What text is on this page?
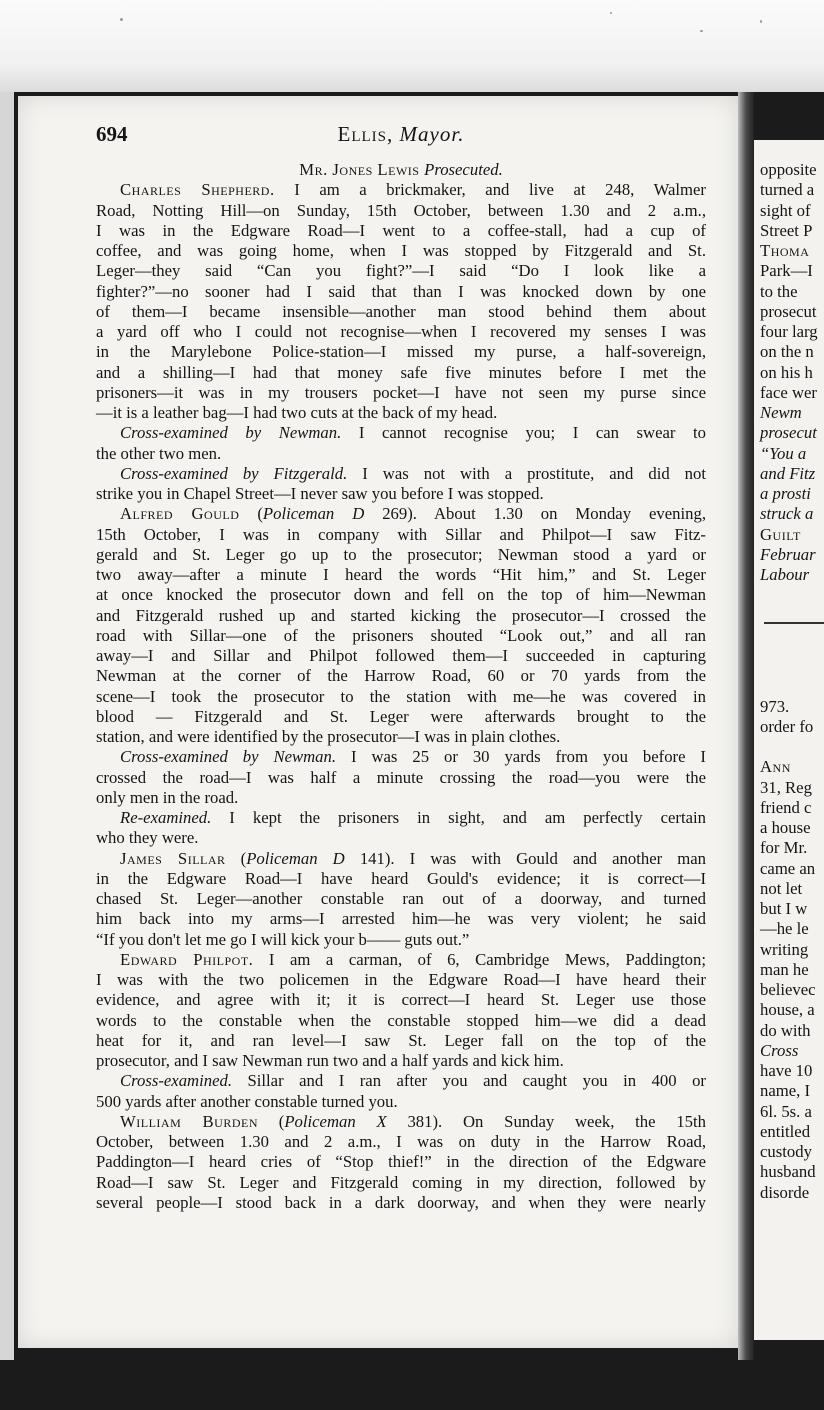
694	Ellis, Mayor.
Mr. Jones Lewis Prosecuted.
Charles Shepherd. I am a brickmaker, and live at 248, Walmer
Road, Notting Hill—on Sunday, 15th October, between 1.30 and 2 a.m.,
I was in the Edgware Road—I went to a coffee-stall, had a cup of
coffee, and was going home, when I was stopped by Fitzgerald and St.
Leger—they said “Can you fight?”—I said “Do I look like a
fighter?”—no sooner had I said that than I was knocked down by one
of them—I became insensible—another man stood behind them about
a yard off who I could not recognise—when I recovered my senses I was
in the Marylebone Police-station—I missed my purse, a half-sovereign,
and a shilling—I had that money safe five minutes before I met the
prisoners—it was in my trousers pocket—I have not seen my purse since
—it is a leather bag—I had two cuts at the back of my head.
Cross-examined by Newman. I cannot recognise you; I can swear to
the other two men.
Cross-examined by Fitzgerald. I was not with a prostitute, and did not
strike you in Chapel Street—I never saw you before I was stopped.
Alfred Gould (Policeman D 269). About 1.30 on Monday evening,
15th October, I was in company with Sillar and Philpot—I saw Fitz-
gerald and St. Leger go up to the prosecutor; Newman stood a yard or
two away—after a minute I heard the words “Hit him,” and St. Leger
at once knocked the prosecutor down and fell on the top of him—Newman
and Fitzgerald rushed up and started kicking the prosecutor—I crossed the
road with Sillar—one of the prisoners shouted “Look out,” and all ran
away—I and Sillar and Philpot followed them—I succeeded in capturing
Newman at the corner of the Harrow Road, 60 or 70 yards from the
scene—I took the prosecutor to the station with me—he was covered in
blood — Fitzgerald and St. Leger were afterwards brought to the
station, and were identified by the prosecutor—I was in plain clothes.
Cross-examined by Newman. I was 25 or 30 yards from you before I
crossed the road—I was half a minute crossing the road—you were the
only men in the road.
Re-examined. I kept the prisoners in sight, and am perfectly certain
who they were.
James Sillar (Policeman D 141). I was with Gould and another man
in the Edgware Road—I have heard Gould's evidence; it is correct—I
chased St. Leger—another constable ran out of a doorway, and turned
him back into my arms—I arrested him—he was very violent; he said
“If you don't let me go I will kick your b—— guts out.”
Edward Philpot. I am a carman, of 6, Cambridge Mews, Paddington;
I was with the two policemen in the Edgware Road—I have heard their
evidence, and agree with it; it is correct—I heard St. Leger use those
words to the constable when the constable stopped him—we did a dead
heat for it, and ran level—I saw St. Leger fall on the top of the
prosecutor, and I saw Newman run two and a half yards and kick him.
Cross-examined. Sillar and I ran after you and caught you in 400 or
500 yards after another constable turned you.
William Burden (Policeman X 381). On Sunday week, the 15th
October, between 1.30 and 2 a.m., I was on duty in the Harrow Road,
Paddington—I heard cries of “Stop thief!” in the direction of the Edgware
Road—I saw St. Leger and Fitzgerald coming in my direction, followed by
several people—I stood back in a dark doorway, and when they were nearly
opposite
turned a
sight of
Street P
Thoma
Park—I
to the
prosecut
four larg
on the n
on his h
face wer
Newm
prosecut
“You a
and Fitz
a prosti
struck a
Guilt
Februar
Labour
973.
order fo
Ann
31, Reg
friend c
a house
for Mr.
came an
not let
but I w
—he le
writing
man he
believec
house, a
do with
Cross
have 10
name, I
6l. 5s. a
entitled
custody
husband
disorde
